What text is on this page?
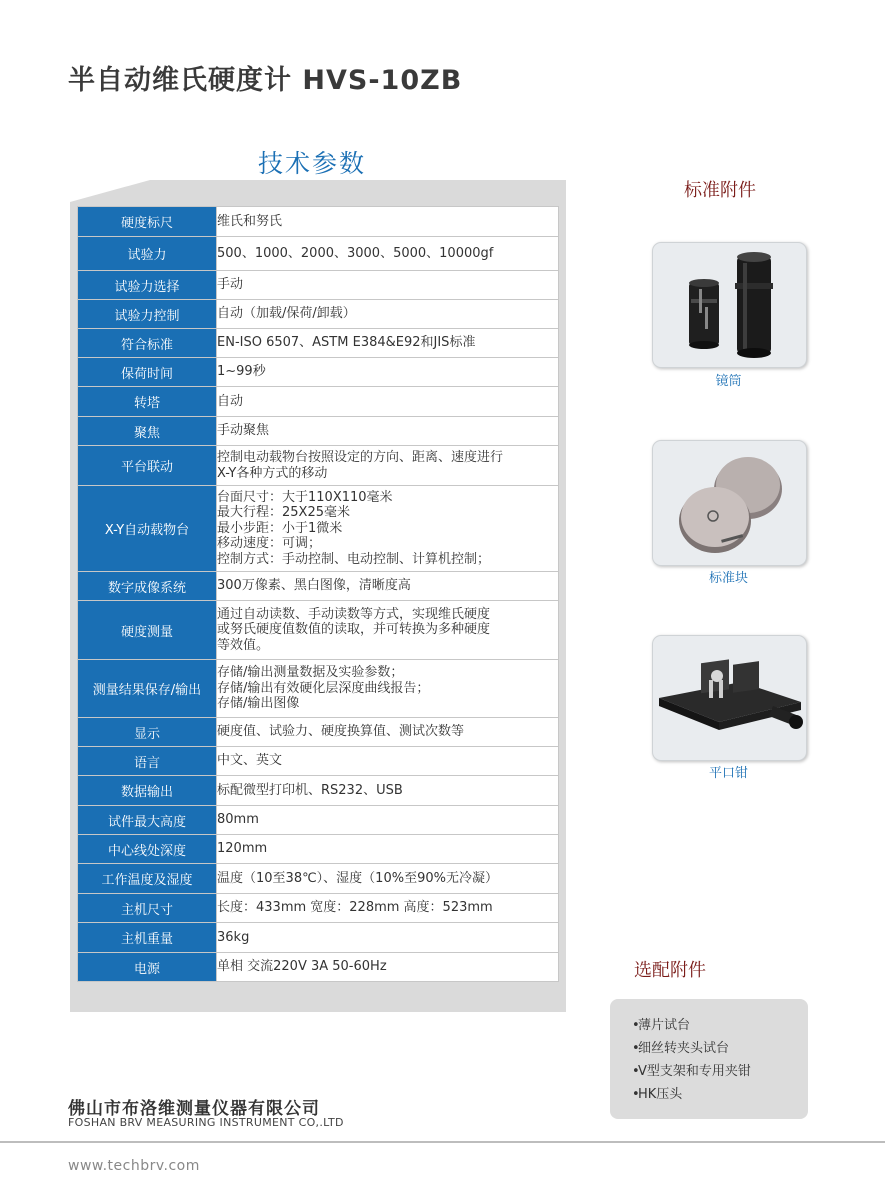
半自动维氏硬度计 HVS-10ZB
技术参数
硬度标尺	维氏和努氏

试验力	500、1000、2000、3000、5000、10000gf

试验力选择	手动

试验力控制	自动（加载/保荷/卸载）

符合标准	EN-ISO 6507、ASTM E384&E92和JIS标准

保荷时间	1~99秒

转塔	自动

聚焦	手动聚焦

平台联动	控制电动载物台按照设定的方向、距离、速度进行
X-Y各种方式的移动

X-Y自动载物台	台面尺寸：大于110X110毫米
最大行程：25X25毫米
最小步距：小于1微米
移动速度：可调；
控制方式：手动控制、电动控制、计算机控制；

数字成像系统	300万像素、黑白图像，清晰度高

硬度测量	通过自动读数、手动读数等方式，实现维氏硬度
或努氏硬度值数值的读取，并可转换为多种硬度
等效值。

测量结果保存/输出	存储/输出测量数据及实验参数；
存储/输出有效硬化层深度曲线报告；
存储/输出图像

显示	硬度值、试验力、硬度换算值、测试次数等

语言	中文、英文

数据输出	标配微型打印机、RS232、USB

试件最大高度	80mm

中心线处深度	120mm

工作温度及湿度	温度（10至38℃）、湿度（10%至90%无冷凝）

主机尺寸	长度：433mm 宽度：228mm 高度：523mm

主机重量	36kg

电源	单相 交流220V 3A 50-60Hz
标准附件
镜筒
标准块
平口钳
选配附件
•
薄片试台
•
细丝转夹头试台
•
V型支架和专用夹钳
•
HK压头
佛山市布洛维测量仪器有限公司
FOSHAN BRV MEASURING INSTRUMENT CO,.LTD
www.techbrv.com
